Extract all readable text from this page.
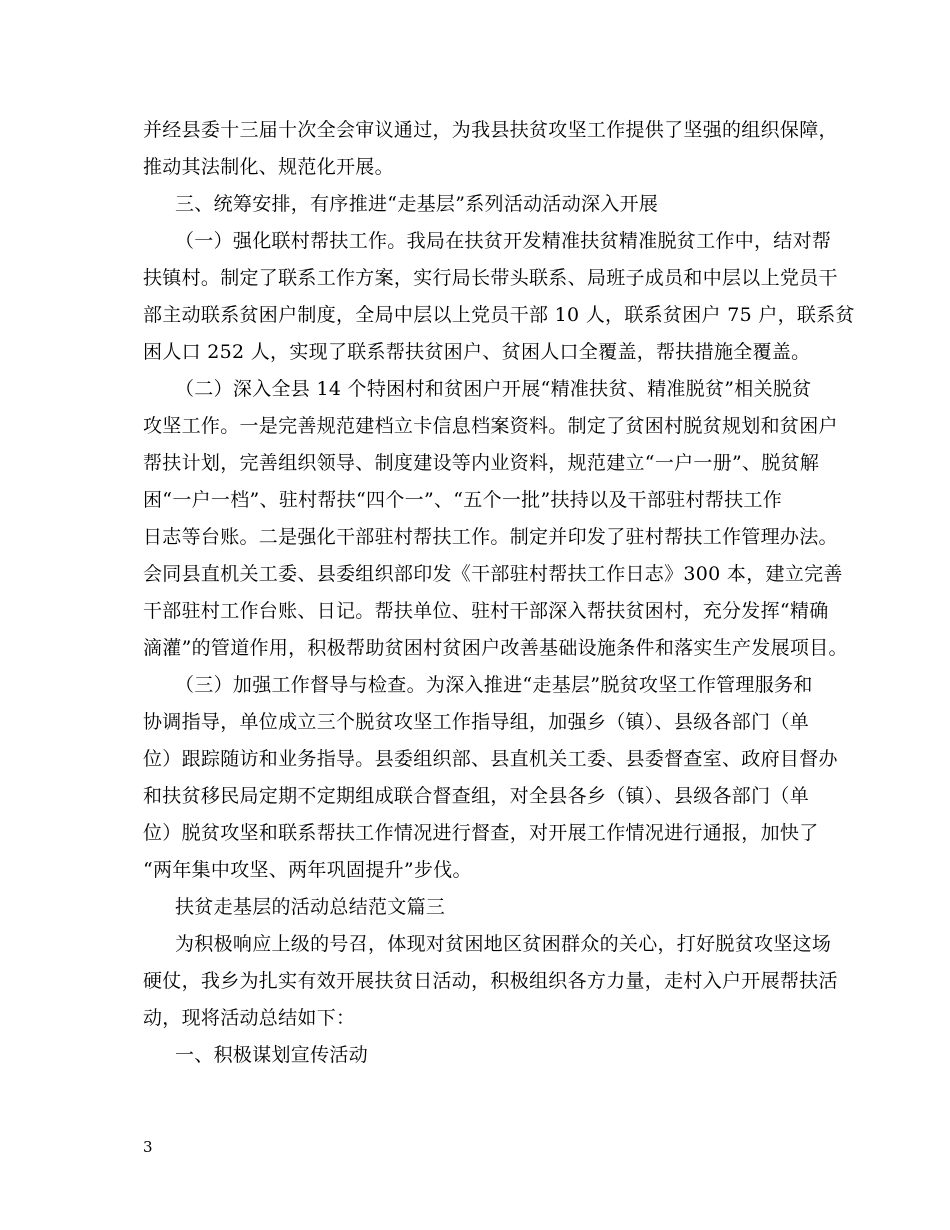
并经县委十三届十次全会审议通过，为我县扶贫攻坚工作提供了坚强的组织保障，
推动其法制化、规范化开展。
三、统筹安排，有序推进“走基层”系列活动活动深入开展
（一）强化联村帮扶工作。我局在扶贫开发精准扶贫精准脱贫工作中，结对帮
扶镇村。制定了联系工作方案，实行局长带头联系、局班子成员和中层以上党员干
部主动联系贫困户制度，全局中层以上党员干部 10 人，联系贫困户 75 户，联系贫
困人口 252 人，实现了联系帮扶贫困户、贫困人口全覆盖，帮扶措施全覆盖。
（二）深入全县 14 个特困村和贫困户开展“精准扶贫、精准脱贫”相关脱贫
攻坚工作。一是完善规范建档立卡信息档案资料。制定了贫困村脱贫规划和贫困户
帮扶计划，完善组织领导、制度建设等内业资料，规范建立“一户一册”、脱贫解
困“一户一档”、驻村帮扶“四个一”、“五个一批”扶持以及干部驻村帮扶工作
日志等台账。二是强化干部驻村帮扶工作。制定并印发了驻村帮扶工作管理办法。
会同县直机关工委、县委组织部印发《干部驻村帮扶工作日志》300 本，建立完善
干部驻村工作台账、日记。帮扶单位、驻村干部深入帮扶贫困村，充分发挥“精确
滴灌”的管道作用，积极帮助贫困村贫困户改善基础设施条件和落实生产发展项目。
（三）加强工作督导与检查。为深入推进“走基层”脱贫攻坚工作管理服务和
协调指导，单位成立三个脱贫攻坚工作指导组，加强乡（镇）、县级各部门（单
位）跟踪随访和业务指导。县委组织部、县直机关工委、县委督查室、政府目督办
和扶贫移民局定期不定期组成联合督查组，对全县各乡（镇）、县级各部门（单
位）脱贫攻坚和联系帮扶工作情况进行督查，对开展工作情况进行通报，加快了
“两年集中攻坚、两年巩固提升”步伐。
扶贫走基层的活动总结范文篇三
为积极响应上级的号召，体现对贫困地区贫困群众的关心，打好脱贫攻坚这场
硬仗，我乡为扎实有效开展扶贫日活动，积极组织各方力量，走村入户开展帮扶活
动，现将活动总结如下：
一、积极谋划宣传活动
3
